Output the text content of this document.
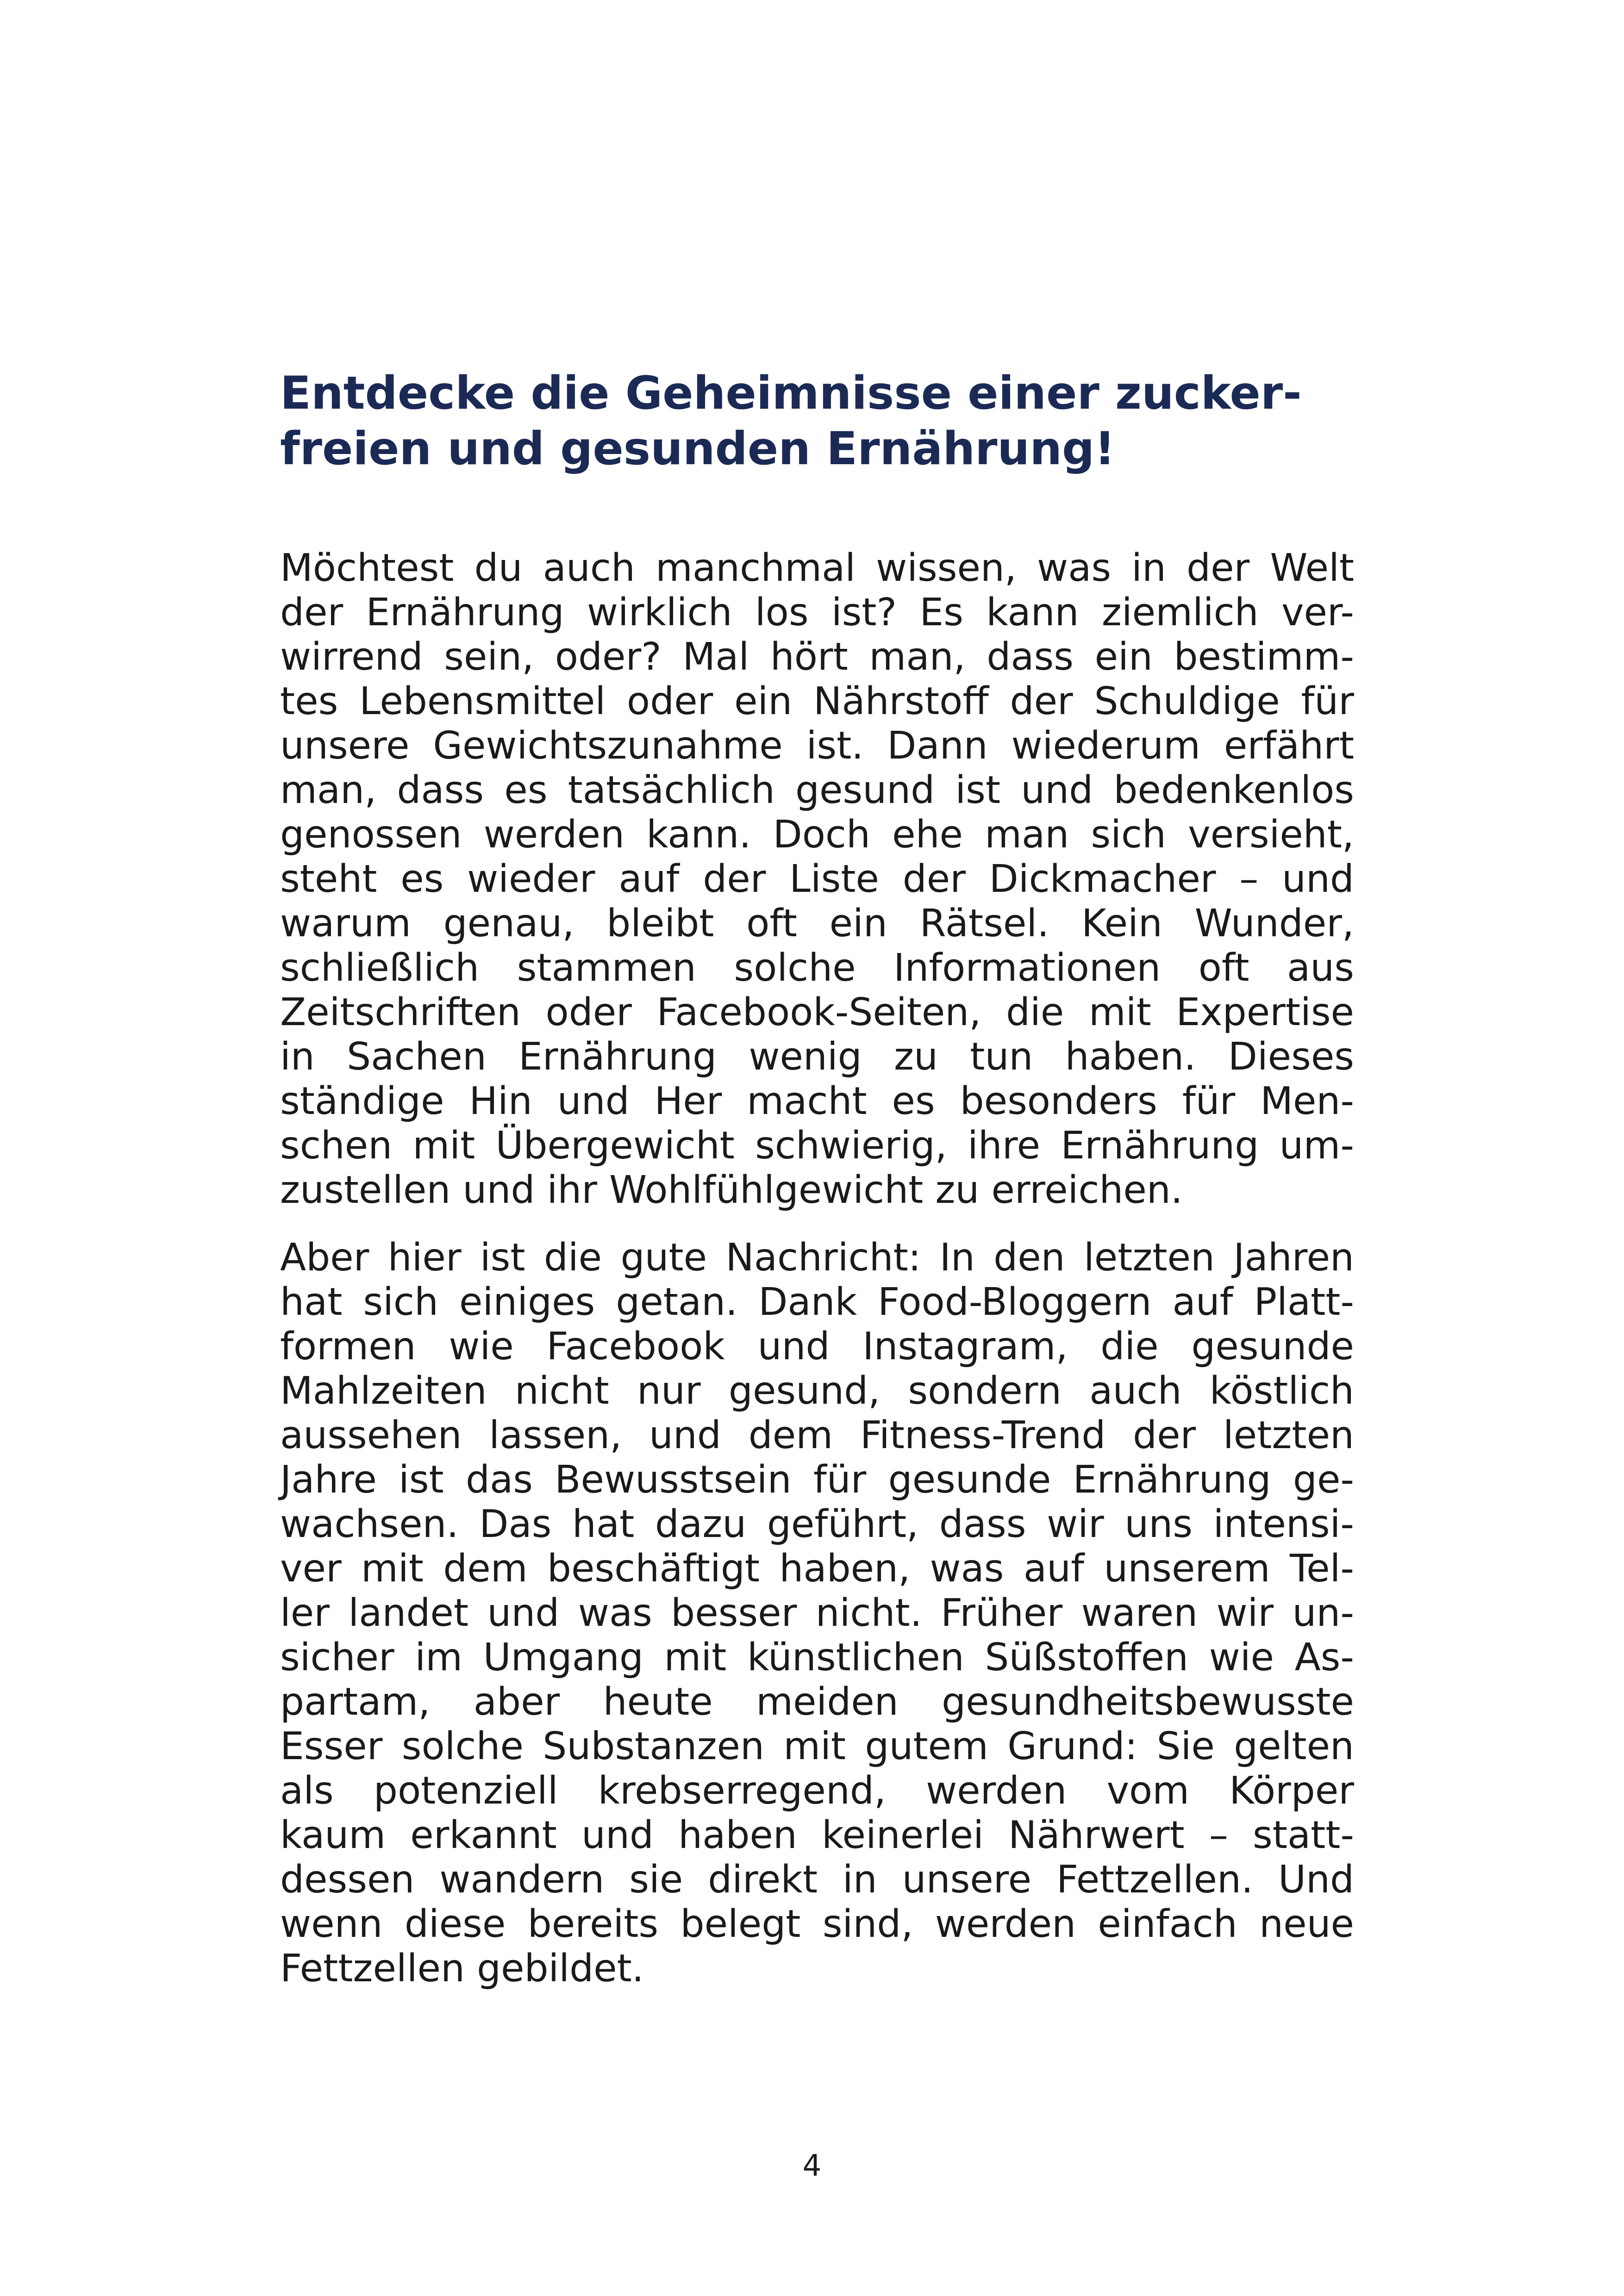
Entdecke die Geheimnisse einer zucker-
freien und gesunden Ernährung!

Möchtest du auch manchmal wissen, was in der Welt
der Ernährung wirklich los ist? Es kann ziemlich ver-
wirrend sein, oder? Mal hört man, dass ein bestimm-
tes Lebensmittel oder ein Nährstoff der Schuldige für
unsere Gewichtszunahme ist. Dann wiederum erfährt
man, dass es tatsächlich gesund ist und bedenkenlos
genossen werden kann. Doch ehe man sich versieht,
steht es wieder auf der Liste der Dickmacher – und
warum genau, bleibt oft ein Rätsel. Kein Wunder,
schließlich stammen solche Informationen oft aus
Zeitschriften oder Facebook-Seiten, die mit Expertise
in Sachen Ernährung wenig zu tun haben. Dieses
ständige Hin und Her macht es besonders für Men-
schen mit Übergewicht schwierig, ihre Ernährung um-
zustellen und ihr Wohlfühlgewicht zu erreichen.

Aber hier ist die gute Nachricht: In den letzten Jahren
hat sich einiges getan. Dank Food-Bloggern auf Platt-
formen wie Facebook und Instagram, die gesunde
Mahlzeiten nicht nur gesund, sondern auch köstlich
aussehen lassen, und dem Fitness-Trend der letzten
Jahre ist das Bewusstsein für gesunde Ernährung ge-
wachsen. Das hat dazu geführt, dass wir uns intensi-
ver mit dem beschäftigt haben, was auf unserem Tel-
ler landet und was besser nicht. Früher waren wir un-
sicher im Umgang mit künstlichen Süßstoffen wie As-
partam, aber heute meiden gesundheitsbewusste
Esser solche Substanzen mit gutem Grund: Sie gelten
als potenziell krebserregend, werden vom Körper
kaum erkannt und haben keinerlei Nährwert – statt-
dessen wandern sie direkt in unsere Fettzellen. Und
wenn diese bereits belegt sind, werden einfach neue
Fettzellen gebildet.

4
